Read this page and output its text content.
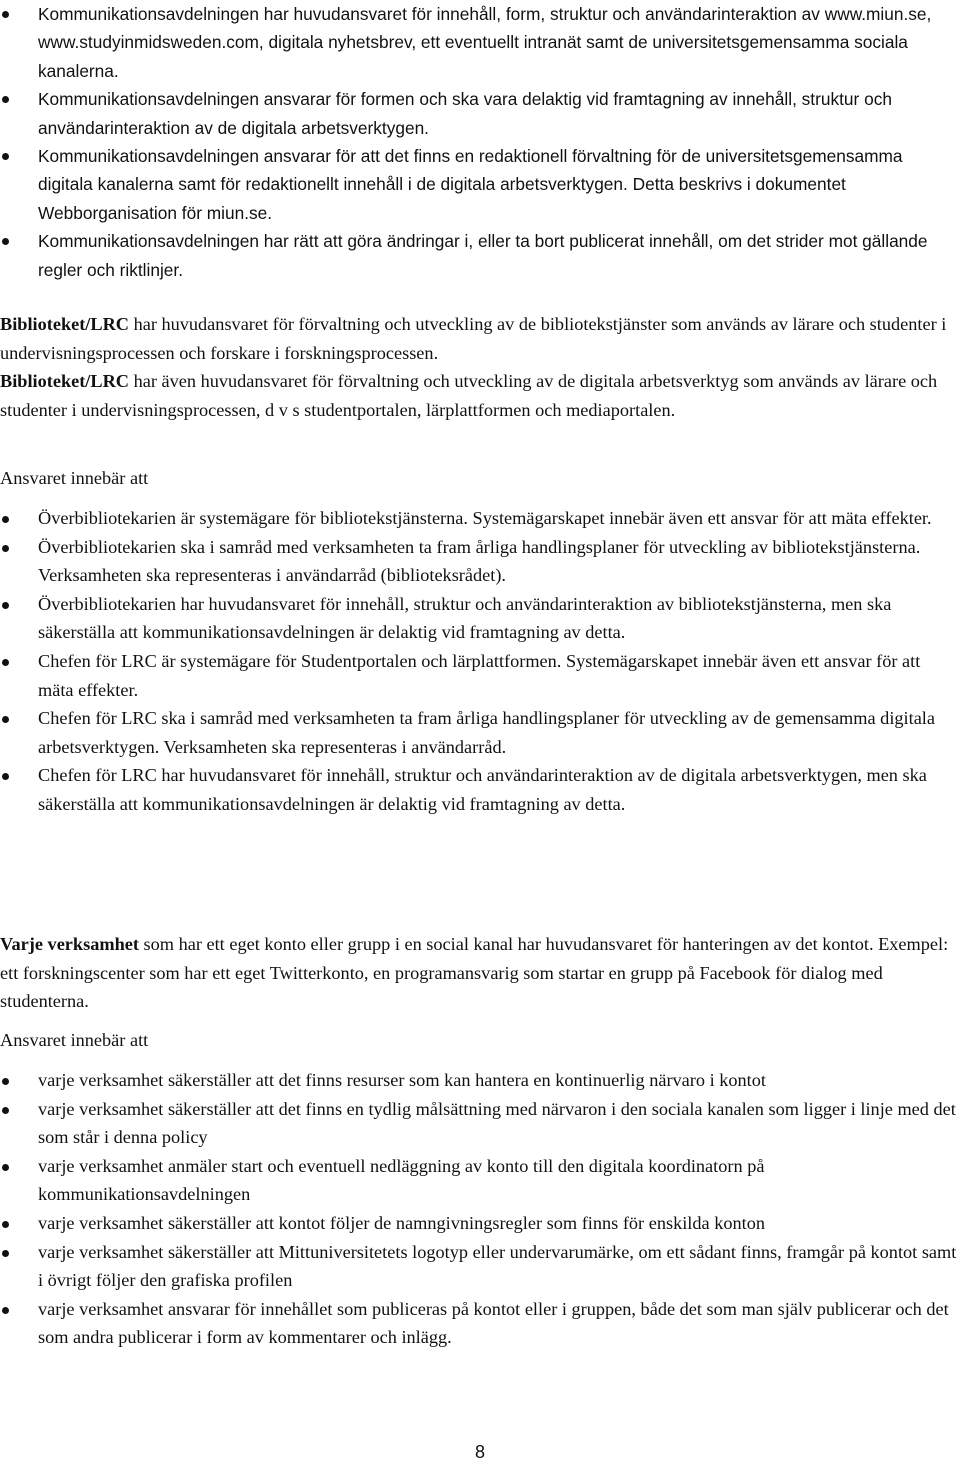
Kommunikationsavdelningen har huvudansvaret för innehåll, form, struktur och användarinteraktion av www.miun.se, www.studyinmidsweden.com, digitala nyhetsbrev, ett eventuellt intranät samt de universitetsgemensamma sociala kanalerna.
Kommunikationsavdelningen ansvarar för formen och ska vara delaktig vid framtagning av innehåll, struktur och användarinteraktion av de digitala arbetsverktygen.
Kommunikationsavdelningen ansvarar för att det finns en redaktionell förvaltning för de universitetsgemensamma digitala kanalerna samt för redaktionellt innehåll i de digitala arbetsverktygen. Detta beskrivs i dokumentet Webborganisation för miun.se.
Kommunikationsavdelningen har rätt att göra ändringar i, eller ta bort publicerat innehåll, om det strider mot gällande regler och riktlinjer.

Biblioteket/LRC har huvudansvaret för förvaltning och utveckling av de bibliotekstjänster som används av lärare och studenter i undervisningsprocessen och forskare i forskningsprocessen.

Biblioteket/LRC har även huvudansvaret för förvaltning och utveckling av de digitala arbetsverktyg som används av lärare och studenter i undervisningsprocessen, d v s studentportalen, lärplattformen och mediaportalen.

Ansvaret innebär att

Överbibliotekarien är systemägare för bibliotekstjänsterna. Systemägarskapet innebär även ett ansvar för att mäta effekter.
Överbibliotekarien ska i samråd med verksamheten ta fram årliga handlingsplaner för utveckling av bibliotekstjänsterna. Verksamheten ska representeras i användarråd (biblioteksrådet).
Överbibliotekarien har huvudansvaret för innehåll, struktur och användarinteraktion av bibliotekstjänsterna, men ska säkerställa att kommunikationsavdelningen är delaktig vid framtagning av detta.
Chefen för LRC är systemägare för Studentportalen och lärplattformen. Systemägarskapet innebär även ett ansvar för att mäta effekter.
Chefen för LRC ska i samråd med verksamheten ta fram årliga handlingsplaner för utveckling av de gemensamma digitala arbetsverktygen. Verksamheten ska representeras i användarråd.
Chefen för LRC har huvudansvaret för innehåll, struktur och användarinteraktion av de digitala arbetsverktygen, men ska säkerställa att kommunikationsavdelningen är delaktig vid framtagning av detta.

Varje verksamhet som har ett eget konto eller grupp i en social kanal har huvudansvaret för hanteringen av det kontot. Exempel: ett forskningscenter som har ett eget Twitterkonto, en programansvarig som startar en grupp på Facebook för dialog med studenterna.

Ansvaret innebär att

varje verksamhet säkerställer att det finns resurser som kan hantera en kontinuerlig närvaro i kontot
varje verksamhet säkerställer att det finns en tydlig målsättning med närvaron i den sociala kanalen som ligger i linje med det som står i denna policy
varje verksamhet anmäler start och eventuell nedläggning av konto till den digitala koordinatorn på kommunikationsavdelningen
varje verksamhet säkerställer att kontot följer de namngivningsregler som finns för enskilda konton
varje verksamhet säkerställer att Mittuniversitetets logotyp eller undervarumärke, om ett sådant finns, framgår på kontot samt i övrigt följer den grafiska profilen
varje verksamhet ansvarar för innehållet som publiceras på kontot eller i gruppen, både det som man själv publicerar och det som andra publicerar i form av kommentarer och inlägg.
8
